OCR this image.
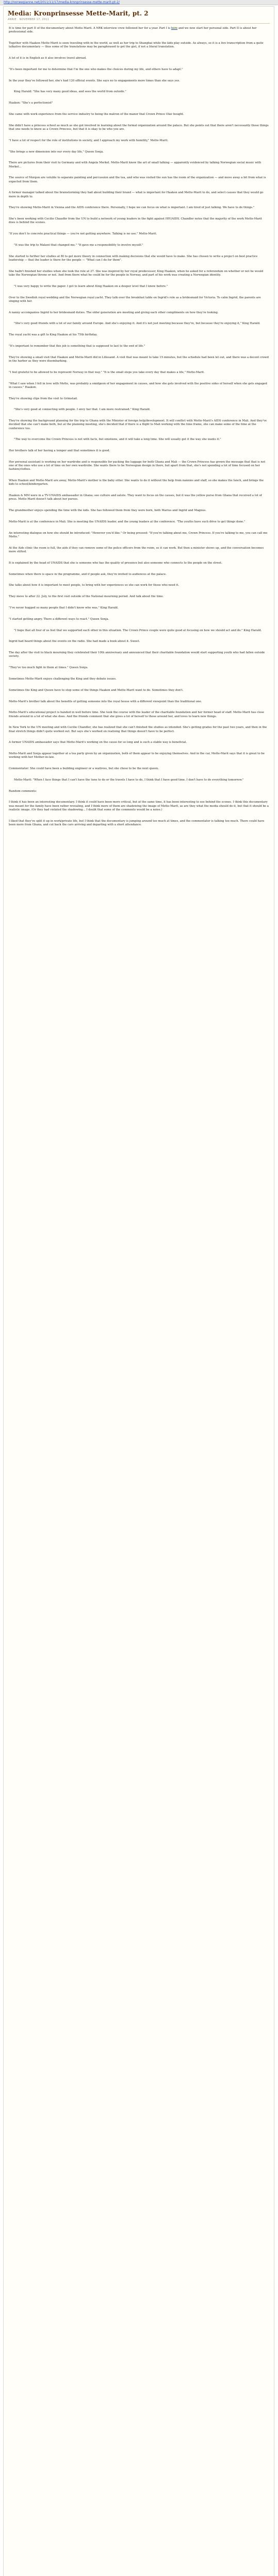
http://norwegianne.net/2011/11/17/media-kronprinsesse-mette-marit-pt-2/
Media: Kronprinsesse Mette-Marit, pt. 2
ANNIE · NOVEMBER 17, 2011

It is time for part II of the documentary about Mette-Marit. A NRK interview crew followed her for a year. Part I is here and we now start her personal side. Part II is about her professional side.

Together with Haakon Mette-Marit is seen traveling with in the world, as well as her trip to Shanghai while the kids play outside. As always, so it is a live transcription from a quite talkative documentary — thus some of the translations may be paraphrased to get the gist, if not a literal translation.

A lot of it is in English as it also involves travel abroad.

"It's been important for me to determine that I'm the one who makes the choices during my life, and others have to adapt."

In the year they've followed her, she's had 120 official events. She says no to engagements more times than she says yes.

King Harald: "She has very many good ideas, and sees the world from outside."

Haakon: "She's a perfectionist"

She came with work experience from the service industry to being the matron of the manor that Crown Prince Olav bought.

She didn't have a princess school as much as she got involved in learning about the formal organization around the palace. But she points out that there aren't necessarily those things that one needs to know as a Crown Princess, but that it is okay to be who you are.

"I have a lot of respect for the role of institutions in society, and I approach my work with humility," Mette-Marit.

"She brings a new dimension into our every day life," Queen Sonja.

There are pictures from their visit to Germany and with Angela Merkel. Mette-Marit knew the art of small talking — apparently evidenced by talking Norwegian social music with Merkel...

The source of Morgon are voluble to separate painting and percussion and the tea, and who was visited the sun has the room of the organization — and move away a bit from what is expected from them.

A former manager talked about the brainstorming they had about building their brand — what is important for Haakon and Mette-Marit to do, and select causes that they would go more in depth to.

They're showing Mette-Marit in Vienna and the AIDS conference there. Personally, I hope we can focus on what is important. I am tired of just talking. We have to do things."

She's been working with Cecilie Chaudhr from the UN to build a network of young leaders in the fight against HIV/AIDS. Chandler notes that the majority of the work Mette-Marit does is behind the scenes.

"If you don't to concrete practical things — you're not getting anywhere. Talking is no use." Mette-Marit.

"It was the trip to Malawi that changed me." "It gave me a responsibility to involve myself."

She started to further her studies at BI to get more theory in connection with making decisions that she would have to make. She has chosen to write a project on best practice leadership — that the leader is there for the people — "What can I do for them".

She hadn't finished her studies when she took the role at 27. She was inspired by her royal predecessor, King Haakon, when he asked for a referendum on whether or not he would take the Norwegian throne or not. And from there what he could be for the people in Norway, and part of his work was creating a Norwegian identity.

"I was very happy to write the paper. I got to learn about King Haakon on a deeper level that I knew before."

Over to the Swedish royal wedding and the Norwegian royal yacht. They talk over the breakfast table on Ingrid's role as a bridesmaid for Victoria. To calm Ingrid, the parents are singing with her.

A nanny accompanies Ingrid to her bridesmaid duties. The older generation are meeting and giving each other compliments on how they're looking.

"She's very good friends with a lot of our family around Europe. And she's enjoying it. And it's not just meeting because they're, but because they're enjoying it," King Harald.

The royal yacht was a gift to King Haakon at his 75th birthday.

"It's important to remember that this job is something that is supposed to last to the end of life."

They're showing a small visit that Haakon and Mette-Marit did in Lillesand. A visit that was meant to take 15 minutes, but the schedule had been let out, and there was a decent crowd in the harbor as they were disembarking.

"I feel grateful to be allowed to be represent Norway in that way." "It is the small steps you take every day that makes a life," Mette-Marit.

"What I saw when I fell in love with Mette, was probably a smidgeon of her engagement in causes, and how she gets involved with the positive sides of herself when she gets engaged in causes." Haakon.

They're showing clips from the visit to Grimstad.

"She's very good at connecting with people. I envy her that. I am more restrained." King Harald.

They're showing the background planning for the trip to Ghana with the Minister of foreign help/development. It will conflict with Mette-Marit's AIDS conference in Mali. And they've decided that she can't make both, but at the planning meeting, she's decided that if there is a flight to Mali working with the time frame, she can make some of the time at the conference too.

"The way to overcome the Crown Princess is not with facts, but emotions, and it will take a long time. She will usually get it the way she wants it."

Her brothers talk of her having a temper and that sometimes it is good.

Her personal assistant is working on her wardrobe and is responsible for packing the luggage for both Ghana and Mali — the Crown Princess has grown the message that that is not one of the ones who use a lot of time on her own wardrobe. She wants there to be Norwegian design in there, but apart from that, she's not spending a lot of time focused on her fashion/clothes.

When Haakon and Mette-Marit are away, Mette-Marit's mother is the baby sitter. She wants to do it without the help from nannies and staff, so she makes the lunch, and brings the kids to school/kindergarten.

Haakon & MM were in a TV-UNAIDS ambassador in Ghana; see culture and salute. They want to focus on the causes, but it was the yellow purse from Ghana that received a lot of press. Mette-Marit doesn't talk about her purses.

The grandmother enjoys spending the time with the kids. She has followed them from they were born, both Marius and Ingrid and Magnus.

Mette-Marit is at the conference in Mali. She is meeting the UNAIDS leader, and the young leaders at the conference. "The youths have such drive to get things done."

An interesting dialogue on how she should be introduced: "However you'd like." Or being pressed: "If you're talking about me, Crown Princess. If you're talking to me, you can call me Mette."

At the Aids clinic the room is full, the aids if they can remove some of the police officers from the room, so it can work. But then a minister shows up, and the conversation becomes more stilted.

It is explained by the head of UNAIDS that she is someone who has the quality of presence but also someone who connects to the people on the street.

Sometimes when there is space in the programme, and if people ask, they're invited to audiences at the palace.

She talks about how it is important to meet people, to bring with her experiences so she can work for those who need it.

They move to after 22. July, to the first visit outside of the National mourning period. And talk about the time.

"I've never hugged so many people that I didn't know who was," King Harald.

"I started getting angry. There a different ways to react." Queen Sonja.

"I hope that all four of us feel that we supported each other in this situation. The Crown Prince couple were quite good at focusing on how we should act and do." King Harald.

Ingrid had heard things about the events on the radio. She had made a book about it. Sweet.

The day after the visit to black mourning they celebrated their 10th anniversary and announced that their charitable foundation would start supporting youth who had fallen outside society.

"They've too much fight in them at times." Queen Sonja.

Sometimes Mette-Marit enjoys challenging the King and they debate issues.

Sometimes the King and Queen have to stop some of the things Haakon and Mette-Marit want to do. Sometimes they don't.

Mette-Marit's brother talk about the benefits of getting someone into the royal house with a different viewpoint than the traditional one.

Mette-Marit's educational project is handed in well before time. She took the course with the leader of the charitable foundation and her former head of staff. Mette-Marit has close friends around in a lot of what she does. And the friends comment that she gives a lot of herself to those around her, and loves to learn new things.

In New York to the UN meeting and with Cecilie Chandler, she has realized that she can't finished the studies as intended. She's getting grades for the past two years, and then in the final stretch things didn't quite worked out. But says she's worked on realising that things doesn't have to be perfect.

A former UNAIDS ambassador says that Mette-Marit's working on the cause for so long and is such a stable way is beneficial.

Mette-Marit and Sonja appear together at a tea party given by an organization, both of them appear to be enjoying themselves. And in the car, Mette-Marit says that it is great to be working with her Mother-in-law.

Commentator: She could have been a building engineer or a waitress, but she chose to be the next queen.

Mette-Marit: "When I face things that I can't have the tune to do or the travels I have to do, I think that I have good time. I don't have to do everything tomorrow."

Random comments:

I think it has been an interesting documentary. I think it could have been more critical, but at the same time, it has been interesting to see behind the scenes. I think this documentary was meant for the family have been rather revealing, and I think more of them are shadowing the image of Mette-Marit, as are they what the media should do it, but that it should be a realistic image. (Or they had violated the shadowing... I doubt that some of the comments would be a noise.)

I liked that they've split it up in work/private life, but I think that the documentary is jumping around too much at times, and the commentator is talking too much. There could have been more from Ghana, and cut back the cars arriving and departing with a short attendance.
